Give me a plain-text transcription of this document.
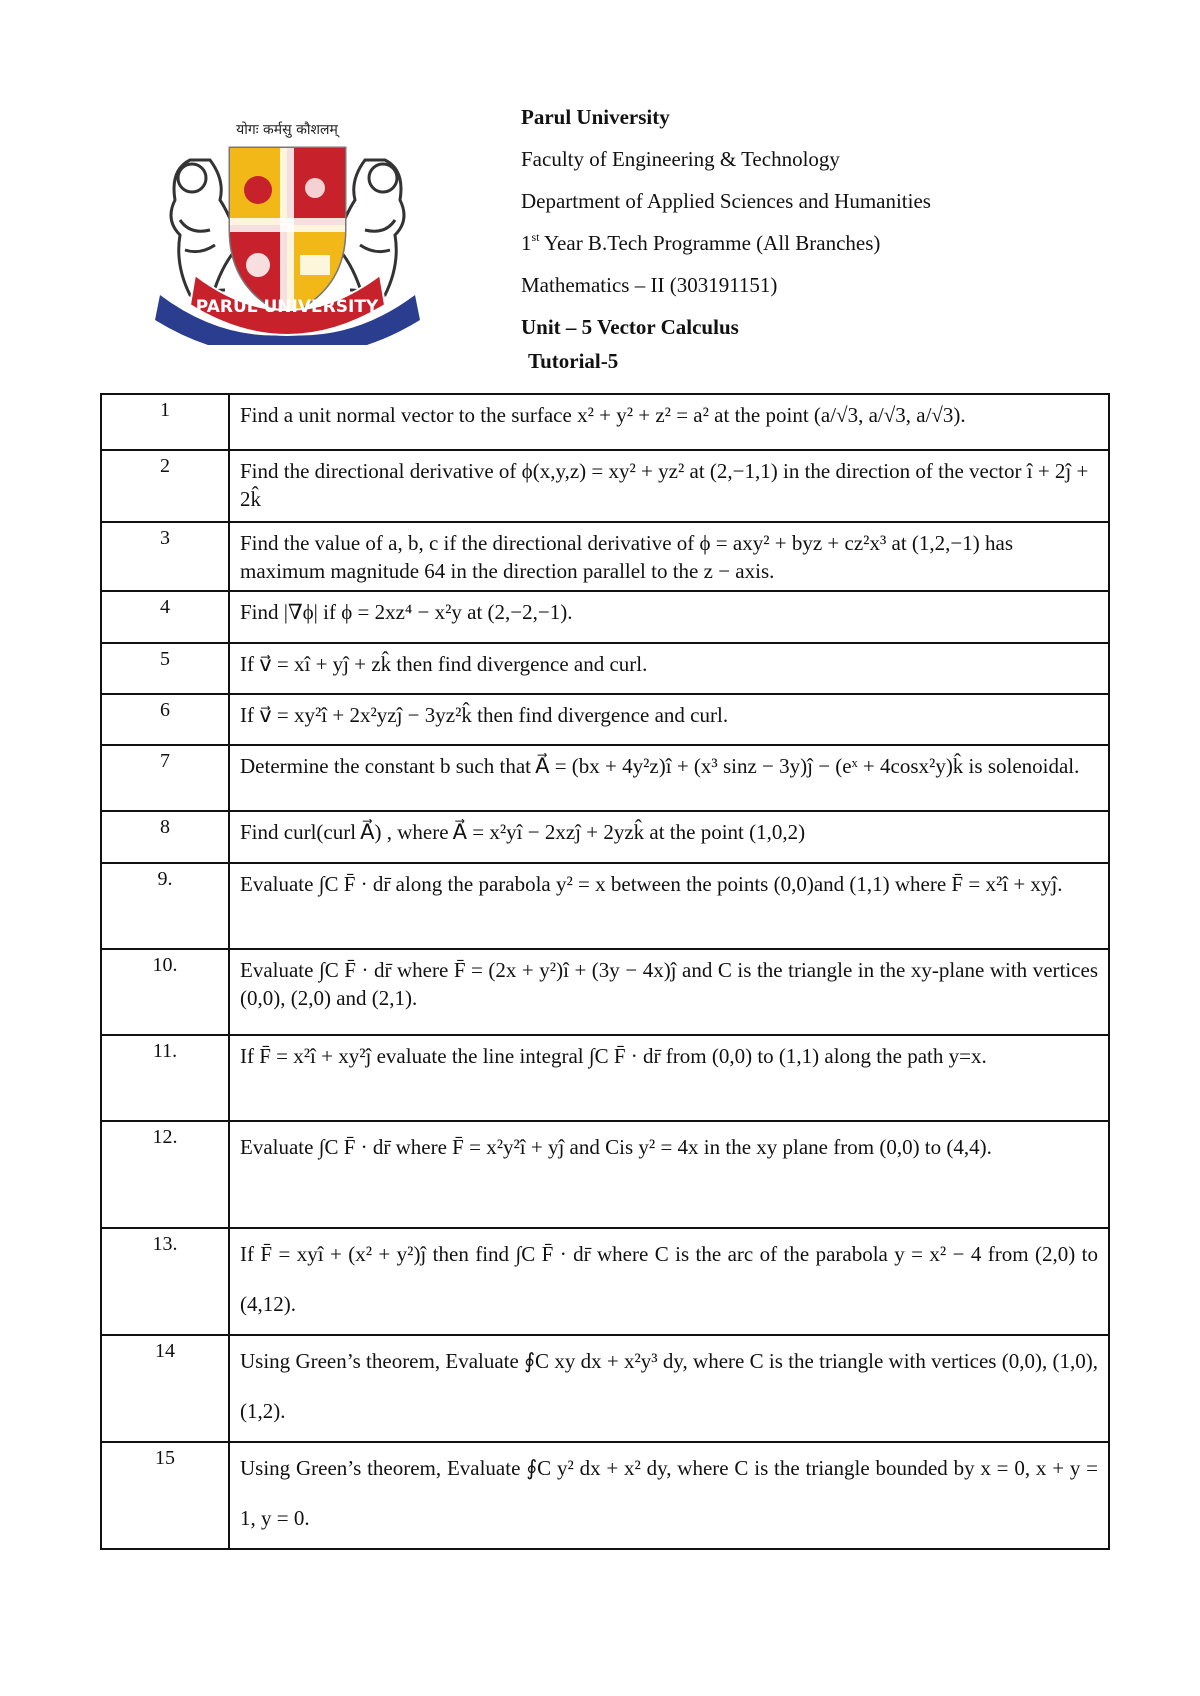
योगः कर्मसु कौशलम्
PARUL UNIVERSITY
Parul University
Faculty of Engineering & Technology
Department of Applied Sciences and Humanities
1st Year B.Tech Programme (All Branches)
Mathematics – II (303191151)
Unit – 5 Vector Calculus
Tutorial-5
1	Find a unit normal vector to the surface x² + y² + z² = a² at the point (a/√3, a/√3, a/√3).
2	Find the directional derivative of ϕ(x,y,z) = xy² + yz² at (2,−1,1) in the direction of the vector î + 2ĵ + 2k̂
3	Find the value of a, b, c if the directional derivative of ϕ = axy² + byz + cz²x³ at (1,2,−1) has maximum magnitude 64 in the direction parallel to the z − axis.
4	Find |∇ϕ| if ϕ = 2xz⁴ − x²y at (2,−2,−1).
5	If v⃗ = xî + yĵ + zk̂ then find divergence and curl.
6	If v⃗ = xy²î + 2x²yzĵ − 3yz²k̂ then find divergence and curl.
7	Determine the constant b such that A⃗ = (bx + 4y²z)î + (x³ sinz − 3y)ĵ − (eˣ + 4cosx²y)k̂ is solenoidal.
8	Find curl(curl A⃗) , where A⃗ = x²yî − 2xzĵ + 2yzk̂ at the point (1,0,2)
9.	Evaluate ∫C F̄ · dr̄ along the parabola y² = x between the points (0,0)and (1,1) where F̄ = x²î + xyĵ.
10.	Evaluate ∫C F̄ · dr̄ where F̄ = (2x + y²)î + (3y − 4x)ĵ and C is the triangle in the xy-plane with vertices (0,0), (2,0) and (2,1).
11.	If F̄ = x²î + xy²ĵ evaluate the line integral ∫C F̄ · dr̄ from (0,0) to (1,1) along the path y=x.
12.	Evaluate ∫C F̄ · dr̄ where F̄ = x²y²î + yĵ and Cis y² = 4x in the xy plane from (0,0) to (4,4).
13.	If F̄ = xyî + (x² + y²)ĵ then find ∫C F̄ · dr̄ where C is the arc of the parabola y = x² − 4 from (2,0) to (4,12).
14	Using Green’s theorem, Evaluate ∮C xy dx + x²y³ dy, where C is the triangle with vertices (0,0), (1,0), (1,2).
15	Using Green’s theorem, Evaluate ∮C y² dx + x² dy, where C is the triangle bounded by x = 0, x + y = 1, y = 0.
